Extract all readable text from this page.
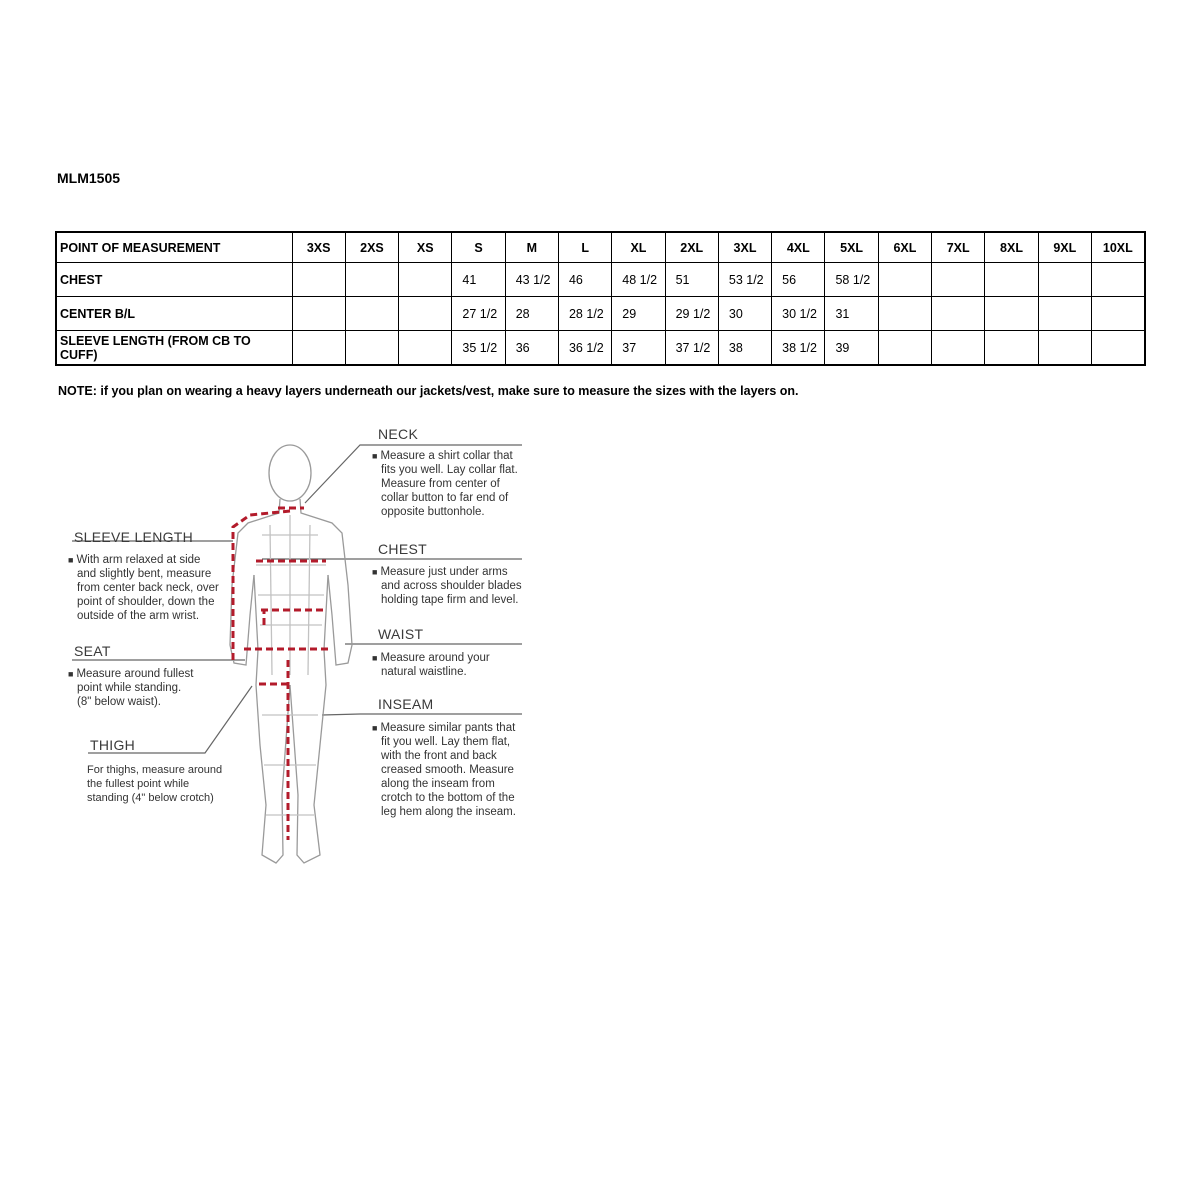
MLM1505
POINT OF MEASUREMENT	3XS	2XS	XS	S	M	L	XL	2XL	3XL	4XL	5XL	6XL	7XL	8XL	9XL	10XL
CHEST				41	43 1/2	46	48 1/2	51	53 1/2	56	58 1/2					
CENTER B/L				27 1/2	28	28 1/2	29	29 1/2	30	30 1/2	31					
SLEEVE LENGTH (FROM CB TO CUFF)				35 1/2	36	36 1/2	37	37 1/2	38	38 1/2	39					
NOTE: if you plan on wearing a heavy layers underneath our jackets/vest, make sure to measure the sizes with the layers on.
NECK
■ Measure a shirt collar that
fits you well. Lay collar flat.
Measure from center of
collar button to far end of
opposite buttonhole.
CHEST
■ Measure just under arms
and across shoulder blades
holding tape firm and level.
WAIST
■ Measure around your
natural waistline.
INSEAM
■ Measure similar pants that
fit you well. Lay them flat,
with the front and back
creased smooth. Measure
along the inseam from
crotch to the bottom of the
leg hem along the inseam.
SLEEVE LENGTH
■ With arm relaxed at side
and slightly bent, measure
from center back neck, over
point of shoulder, down the
outside of the arm wrist.
SEAT
■ Measure around fullest
point while standing.
(8" below waist).
THIGH
For thighs, measure around
the fullest point while
standing (4" below crotch)
